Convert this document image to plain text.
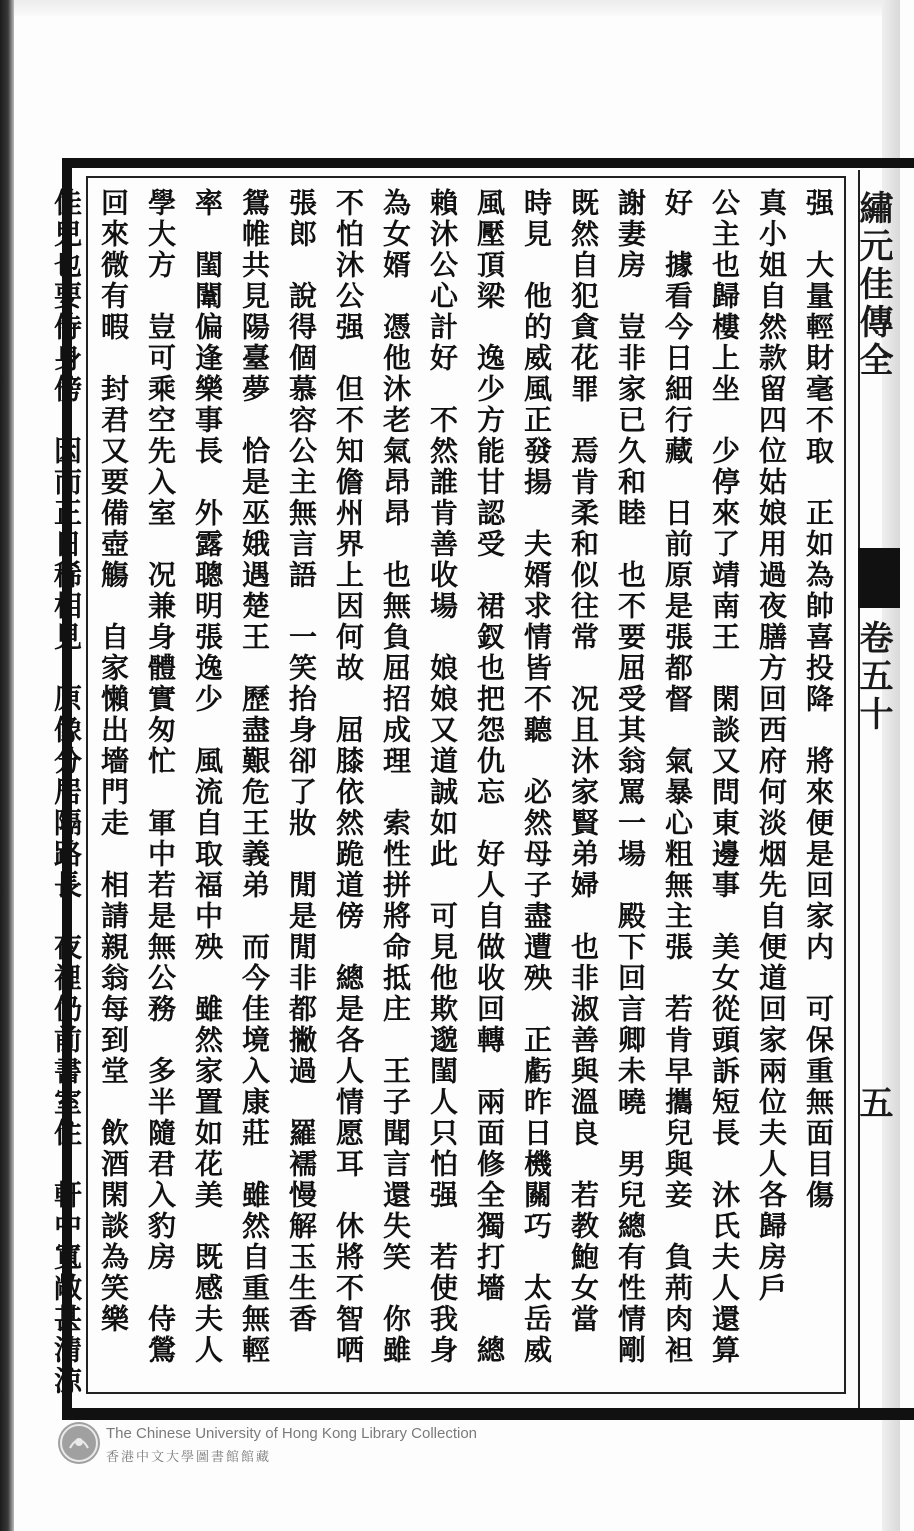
繡元佳傳全
卷五十
五
强　大量輕財毫不取　正如為帥喜投降　將來便是回家内　可保重無面目傷
真小姐自然款留四位姑娘用過夜膳方回西府何淡烟先自便道回家兩位夫人各歸房戶
公主也歸樓上坐　少停來了靖南王　閑談又問東邊事　美女從頭訴短長　沐氏夫人還算
好　據看今日細行藏　日前原是張都督　氣暴心粗無主張　若肯早攜兒與妾　負荊肉袒
謝妻房　豈非家已久和睦　也不要屈受其翁罵一場　殿下回言卿未曉　男兒總有性情剛
既然自犯貪花罪　焉肯柔和似往常　况且沐家賢弟婦　也非淑善與溫良　若教鮑女當
時見　他的威風正發揚　夫婿求情皆不聽　必然母子盡遭殃　正虧昨日機關巧　太岳威
風壓頂梁　逸少方能甘認受　裙釵也把怨仇忘　好人自做收回轉　兩面修全獨打墻　總
賴沐公心計好　不然誰肯善收場　娘娘又道誠如此　可見他欺邈閨人只怕强　若使我身
為女婿　憑他沐老氣昂昂　也無負屈招成理　索性拼將命抵庄　王子聞言還失笑　你雖
不怕沐公强　但不知儋州界上因何故　屈膝依然跪道傍　總是各人情愿耳　休將不智哂
張郎　說得個慕容公主無言語　一笑抬身卻了妝　閒是閒非都撇過　羅襦慢解玉生香
鴛帷共見陽臺夢　恰是巫娥遇楚王　歷盡艱危王義弟　而今佳境入康莊　雖然自重無輕
率　閨闈偏逢樂事長　外露聰明張逸少　風流自取福中殃　雖然家置如花美　既感夫人
學大方　豈可乘空先入室　况兼身體實匆忙　軍中若是無公務　多半隨君入豹房　侍鶯
回來微有暇　封君又要備壺觴　自家懶出墻門走　相請親翁每到堂　飲酒閑談為笑樂
佳兒也要侍身傍　因而正日稀相見　原像分居隔路長　夜裡仍前書室住　軒中寬敞甚清涼
The Chinese University of Hong Kong Library Collection
香港中文大學圖書館館藏
